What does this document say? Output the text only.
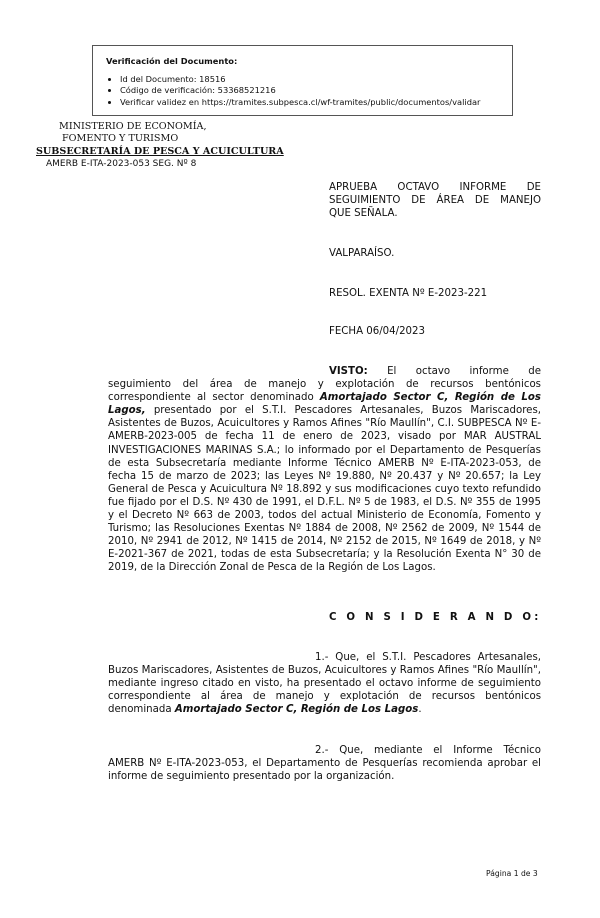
Verificación del Documento:
• Id del Documento: 18516
• Código de verificación: 53368521216
• Verificar validez en https://tramites.subpesca.cl/wf-tramites/public/documentos/validar
MINISTERIO DE ECONOMÍA,
FOMENTO Y TURISMO
SUBSECRETARÍA DE PESCA Y ACUICULTURA
AMERB E-ITA-2023-053 SEG. Nº 8
APRUEBA OCTAVO INFORME DE SEGUIMIENTO DE ÁREA DE MANEJO
QUE SEÑALA.
VALPARAÍSO.
RESOL. EXENTA Nº E-2023-221
FECHA 06/04/2023
VISTO: El octavo informe de seguimiento del área de manejo y explotación de recursos bentónicos correspondiente al sector denominado Amortajado Sector C, Región de Los Lagos, presentado por el S.T.I. Pescadores Artesanales, Buzos Mariscadores, Asistentes de Buzos, Acuicultores y Ramos Afines "Río Maullín", C.I. SUBPESCA Nº E-AMERB-2023-005 de fecha 11 de enero de 2023, visado por MAR AUSTRAL INVESTIGACIONES MARINAS S.A.; lo informado por el Departamento de Pesquerías de esta Subsecretaría mediante Informe Técnico AMERB Nº E-ITA-2023-053, de fecha 15 de marzo de 2023; las Leyes Nº 19.880, Nº 20.437 y Nº 20.657; la Ley General de Pesca y Acuicultura Nº 18.892 y sus modificaciones cuyo texto refundido fue fijado por el D.S. Nº 430 de 1991, el D.F.L. Nº 5 de 1983, el D.S. Nº 355 de 1995 y el Decreto Nº 663 de 2003, todos del actual Ministerio de Economía, Fomento y Turismo; las Resoluciones Exentas Nº 1884 de 2008, Nº 2562 de 2009, Nº 1544 de 2010, Nº 2941 de 2012, Nº 1415 de 2014, Nº 2152 de 2015, Nº 1649 de 2018, y Nº E-2021-367 de 2021, todas de esta Subsecretaría; y la Resolución Exenta N° 30 de 2019, de la Dirección Zonal de Pesca de la Región de Los Lagos.
C O N S I D E R A N D O:
1.- Que, el S.T.I. Pescadores Artesanales, Buzos Mariscadores, Asistentes de Buzos, Acuicultores y Ramos Afines "Río Maullín", mediante ingreso citado en visto, ha presentado el octavo informe de seguimiento correspondiente al área de manejo y explotación de recursos bentónicos denominada Amortajado Sector C, Región de Los Lagos.
2.- Que, mediante el Informe Técnico AMERB Nº E-ITA-2023-053, el Departamento de Pesquerías recomienda aprobar el informe de seguimiento presentado por la organización.
Página 1 de 3
